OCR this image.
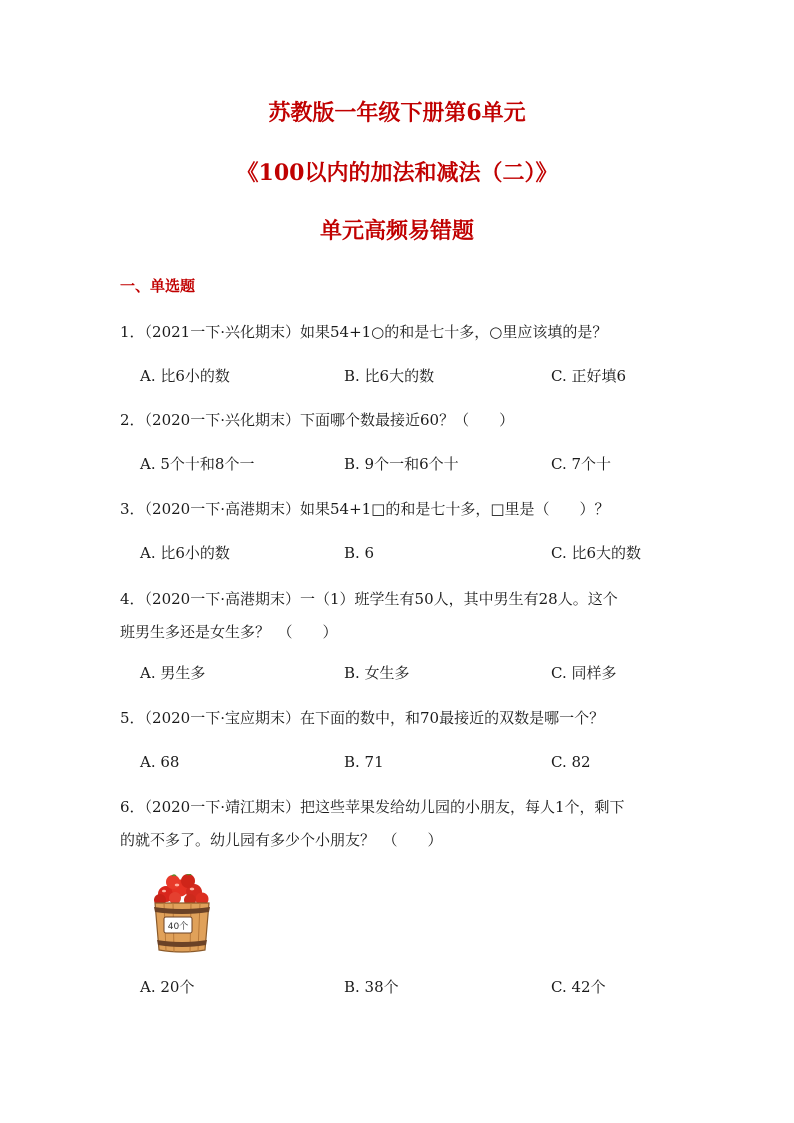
苏教版一年级下册第6单元
《100以内的加法和减法（二）》
单元高频易错题
一、单选题
1．（2021一下·兴化期末）如果54+1○的和是七十多，○里应该填的是？
A. 比6小的数	B. 比6大的数	C. 正好填6
2．（2020一下·兴化期末）下面哪个数最接近60？（　　）
A. 5个十和8个一	B. 9个一和6个十	C. 7个十
3．（2020一下·高港期末）如果54+1□的和是七十多，□里是（　　）？
A. 比6小的数	B. 6	C. 比6大的数
4．（2020一下·高港期末）一（1）班学生有50人，其中男生有28人。这个
班男生多还是女生多？　（　　）
A. 男生多	B. 女生多	C. 同样多
5．（2020一下·宝应期末）在下面的数中，和70最接近的双数是哪一个？
A. 68	B. 71	C. 82
6．（2020一下·靖江期末）把这些苹果发给幼儿园的小朋友，每人1个，剩下
的就不多了。幼儿园有多少个小朋友？　（　　）
40个
A. 20个	B. 38个	C. 42个
